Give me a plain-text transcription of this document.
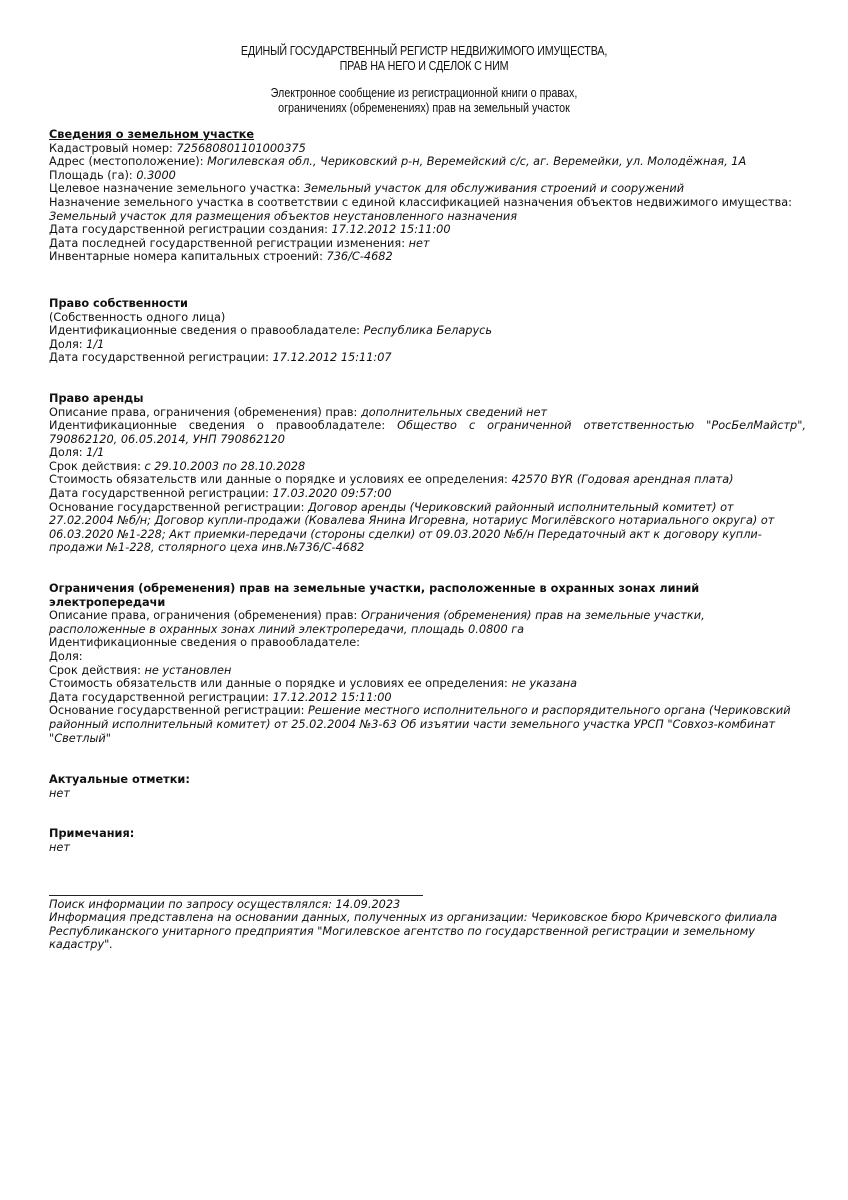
ЕДИНЫЙ ГОСУДАРСТВЕННЫЙ РЕГИСТР НЕДВИЖИМОГО ИМУЩЕСТВА,
ПРАВ НА НЕГО И СДЕЛОК С НИМ
Электронное сообщение из регистрационной книги о правах,
ограничениях (обременениях) прав на земельный участок
Сведения о земельном участке
Кадастровый номер: 725680801101000375
Адрес (местоположение): Могилевская обл., Чериковский р-н, Веремейский с/с, аг. Веремейки, ул. Молодёжная, 1А
Площадь (га): 0.3000
Целевое назначение земельного участка: Земельный участок для обслуживания строений и сооружений
Назначение земельного участка в соответствии с единой классификацией назначения объектов недвижимого имущества:
Земельный участок для размещения объектов неустановленного назначения
Дата государственной регистрации создания: 17.12.2012 15:11:00
Дата последней государственной регистрации изменения: нет
Инвентарные номера капитальных строений: 736/С-4682
Право собственности
(Собственность одного лица)
Идентификационные сведения о правообладателе: Республика Беларусь
Доля: 1/1
Дата государственной регистрации: 17.12.2012 15:11:07
Право аренды
Описание права, ограничения (обременения) прав: дополнительных сведений нет
Идентификационные сведения о правообладателе: Общество с ограниченной ответственностью "РосБелМайстр",
790862120, 06.05.2014, УНП 790862120
Доля: 1/1
Срок действия: с 29.10.2003 по 28.10.2028
Стоимость обязательств или данные о порядке и условиях ее определения: 42570 BYR (Годовая арендная плата)
Дата государственной регистрации: 17.03.2020 09:57:00
Основание государственной регистрации: Договор аренды (Чериковский районный исполнительный комитет) от
27.02.2004 №б/н; Договор купли-продажи (Ковалева Янина Игоревна, нотариус Могилёвского нотариального округа) от
06.03.2020 №1-228; Акт приемки-передачи (стороны сделки) от 09.03.2020 №б/н Передаточный акт к договору купли-
продажи №1-228, столярного цеха инв.№736/С-4682
Ограничения (обременения) прав на земельные участки, расположенные в охранных зонах линий
электропередачи
Описание права, ограничения (обременения) прав: Ограничения (обременения) прав на земельные участки,
расположенные в охранных зонах линий электропередачи, площадь 0.0800 га
Идентификационные сведения о правообладателе:
Доля:
Срок действия: не установлен
Стоимость обязательств или данные о порядке и условиях ее определения: не указана
Дата государственной регистрации: 17.12.2012 15:11:00
Основание государственной регистрации: Решение местного исполнительного и распорядительного органа (Чериковский
районный исполнительный комитет) от 25.02.2004 №3-63 Об изъятии части земельного участка УРСП "Совхоз-комбинат
"Светлый"
Актуальные отметки:
нет
Примечания:
нет
Поиск информации по запросу осуществлялся: 14.09.2023
Информация представлена на основании данных, полученных из организации: Чериковское бюро Кричевского филиала
Республиканского унитарного предприятия "Могилевское агентство по государственной регистрации и земельному
кадастру".
